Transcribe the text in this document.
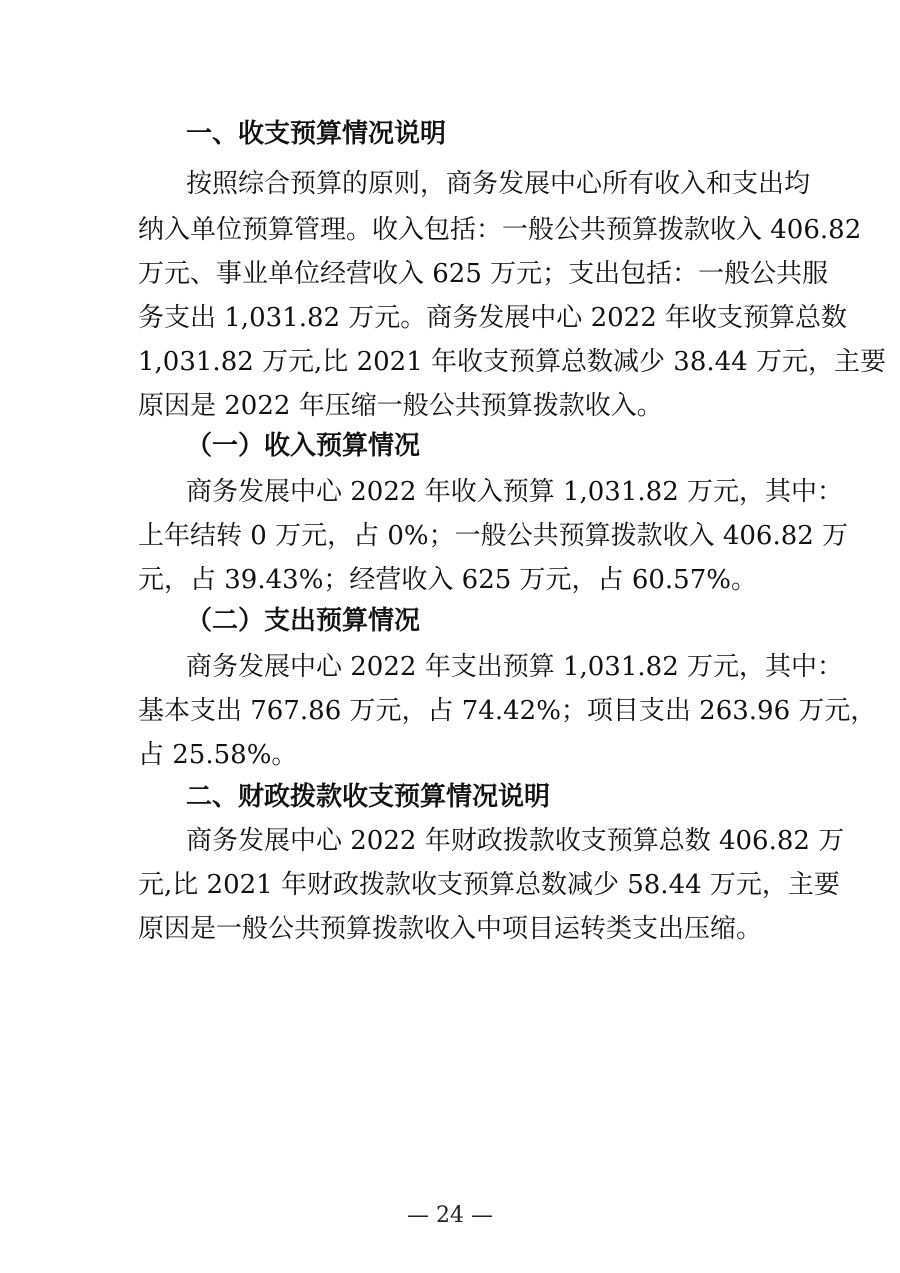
一、收支预算情况说明
按照综合预算的原则，商务发展中心所有收入和支出均
纳入单位预算管理。收入包括：一般公共预算拨款收入 406.82
万元、事业单位经营收入 625 万元；支出包括：一般公共服
务支出 1,031.82 万元。商务发展中心 2022 年收支预算总数
1,031.82 万元,比 2021 年收支预算总数减少 38.44 万元，主要
原因是 2022 年压缩一般公共预算拨款收入。
（一）收入预算情况
商务发展中心 2022 年收入预算 1,031.82 万元，其中：
上年结转 0 万元，占 0%；一般公共预算拨款收入 406.82 万
元，占 39.43%；经营收入 625 万元，占 60.57%。
（二）支出预算情况
商务发展中心 2022 年支出预算 1,031.82 万元，其中：
基本支出 767.86 万元，占 74.42%；项目支出 263.96 万元，
占 25.58%。
二、财政拨款收支预算情况说明
商务发展中心 2022 年财政拨款收支预算总数 406.82 万
元,比 2021 年财政拨款收支预算总数减少 58.44 万元，主要
原因是一般公共预算拨款收入中项目运转类支出压缩。
— 24 —
